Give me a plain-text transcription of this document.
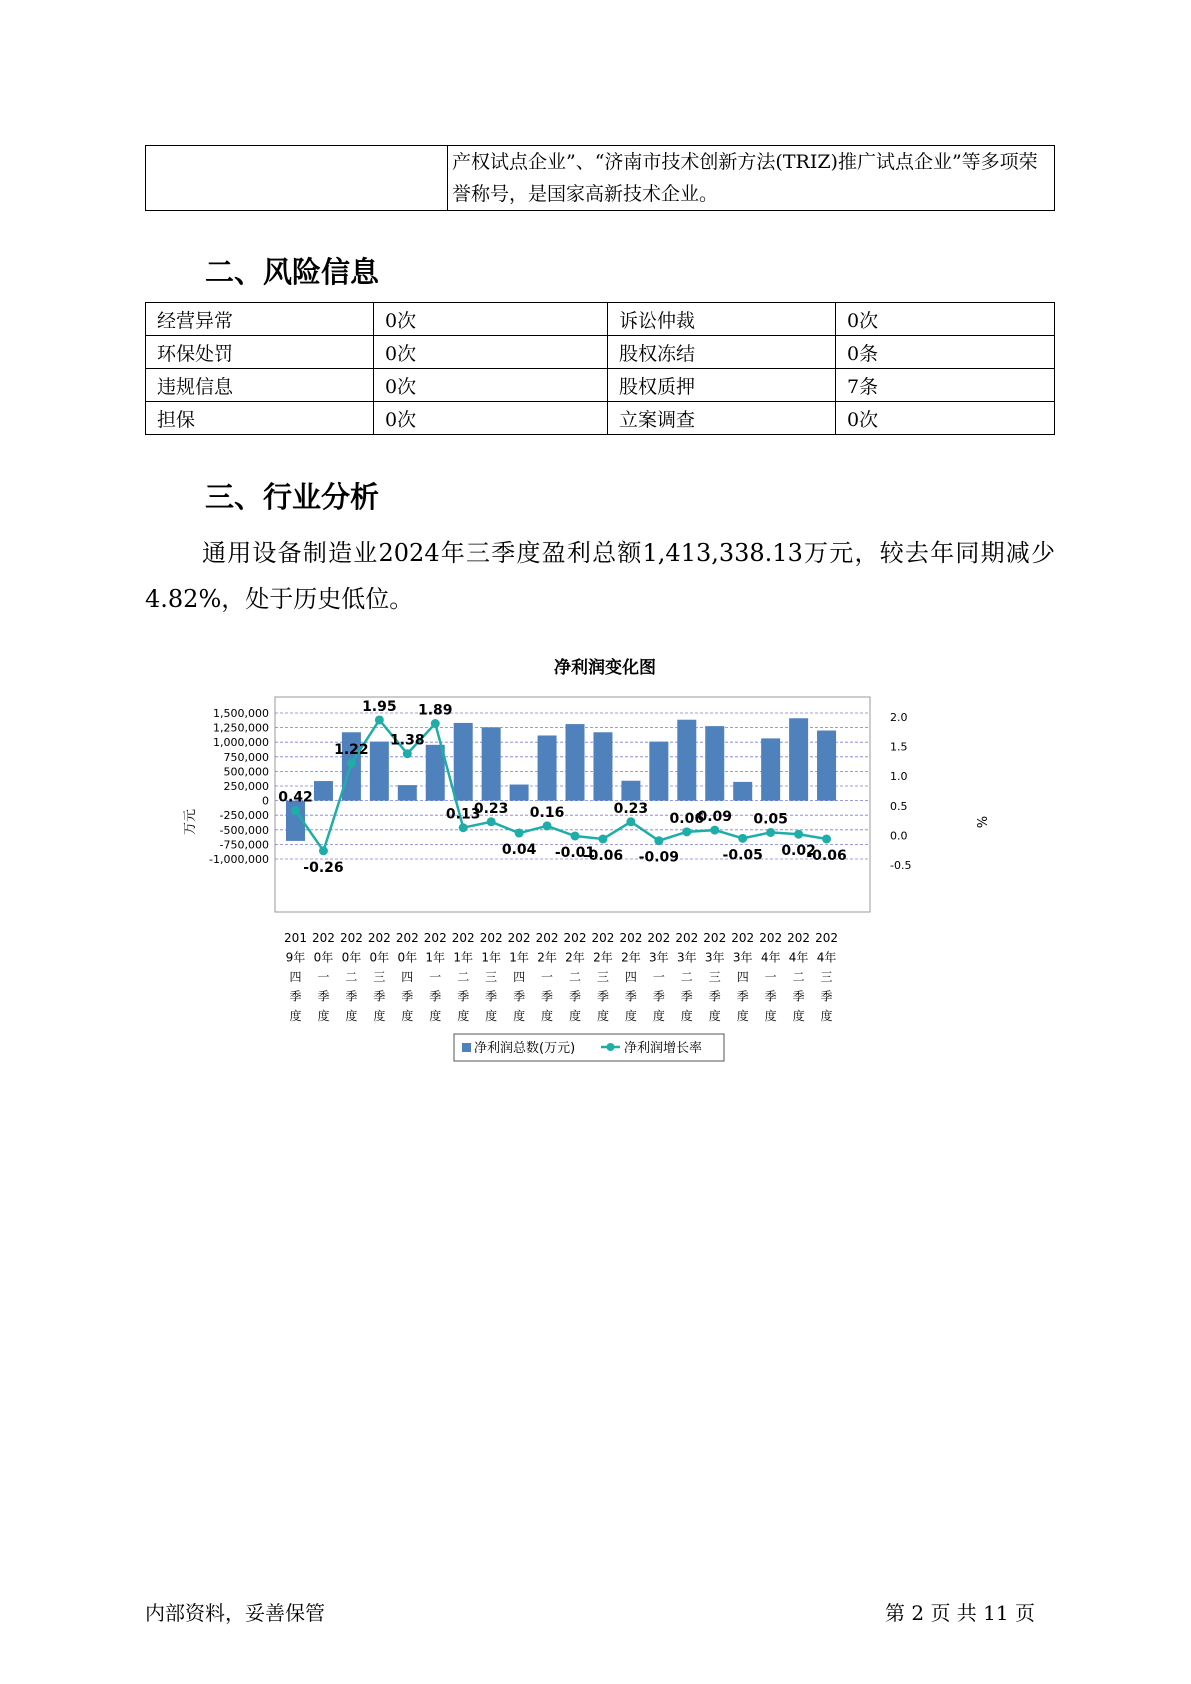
产权试点企业”、“济南市技术创新方法(TRIZ)推广试点企业”等多项荣
誉称号，是国家高新技术企业。
二、风险信息
经营异常	0次	诉讼仲裁	0次
环保处罚	0次	股权冻结	0条
违规信息	0次	股权质押	7条
担保	0次	立案调查	0次
三、行业分析
通用设备制造业2024年三季度盈利总额1,413,338.13万元，较去年同期减少4.82%，处于历史低位。
净利润变化图
1,500,000
1,250,000
1,000,000
750,000
500,000
250,000
0
-250,000
-500,000
-750,000
-1,000,000
2.0
1.5
1.0
0.5
0.0
-0.5
0.42
-0.26
1.22
1.95
1.38
1.89
0.13
0.23
0.04
0.16
-0.01
-0.06
0.23
-0.09
0.06
0.09
-0.05
0.05
0.02
-0.06
201
9年
四
季
度
202
0年
一
季
度
202
0年
二
季
度
202
0年
三
季
度
202
0年
四
季
度
202
1年
一
季
度
202
1年
二
季
度
202
1年
三
季
度
202
1年
四
季
度
202
2年
一
季
度
202
2年
二
季
度
202
2年
三
季
度
202
2年
四
季
度
202
3年
一
季
度
202
3年
二
季
度
202
3年
三
季
度
202
3年
四
季
度
202
4年
一
季
度
202
4年
二
季
度
202
4年
三
季
度
万元	%
净利润总数(万元)	净利润增长率
内部资料，妥善保管	第 2 页 共 11 页
